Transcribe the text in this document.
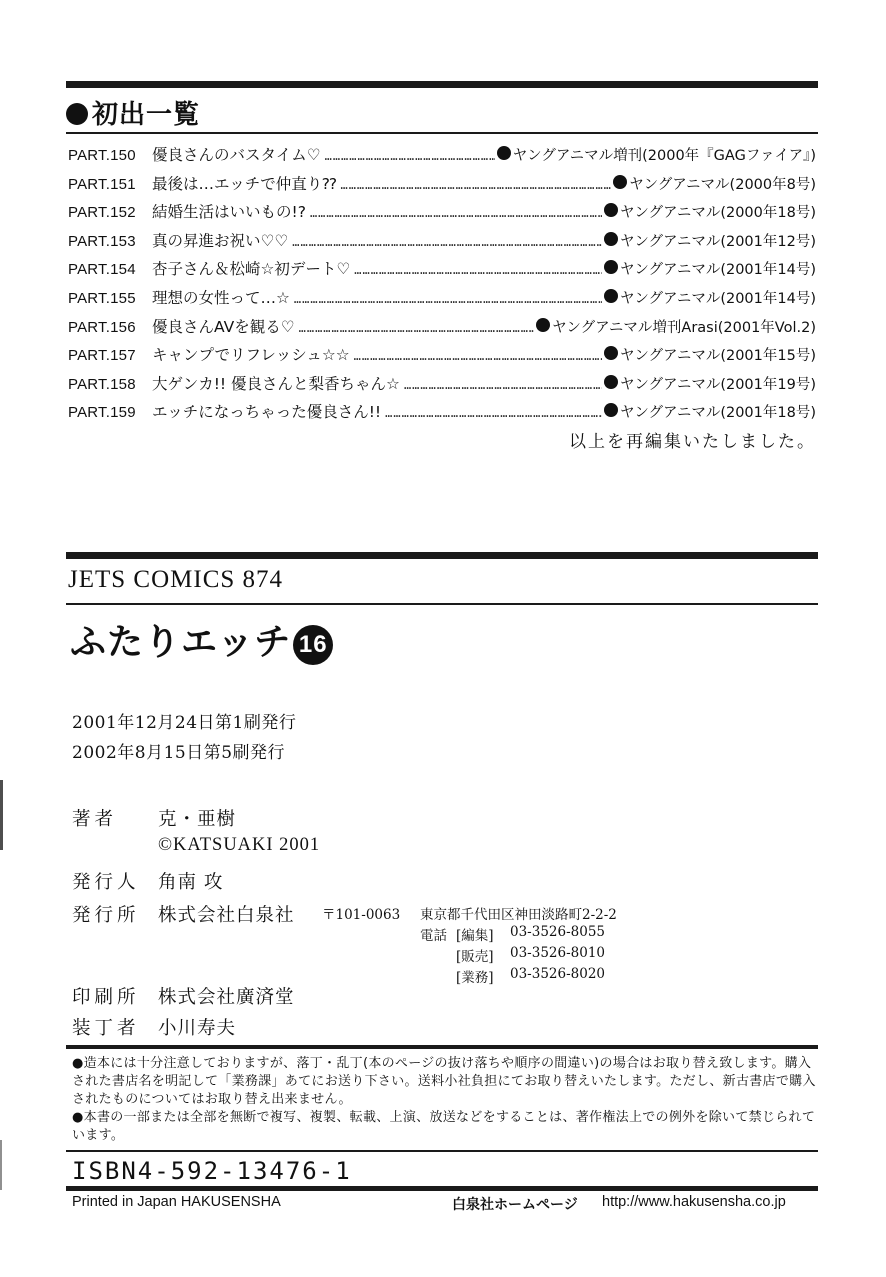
初出一覧
PART.150	優良さんのバスタイム♡ …………………………………………………………………………………………………………………………………………………………………	ヤングアニマル増刊(2000年『GAGファイア』)
PART.151	最後は…エッチで仲直り⁇ …………………………………………………………………………………………………………………………………………………………………	ヤングアニマル(2000年8号)
PART.152	結婚生活はいいもの!? …………………………………………………………………………………………………………………………………………………………………	ヤングアニマル(2000年18号)
PART.153	真の昇進お祝い♡♡ …………………………………………………………………………………………………………………………………………………………………	ヤングアニマル(2001年12号)
PART.154	杏子さん＆松崎☆初デート♡ …………………………………………………………………………………………………………………………………………………………………	ヤングアニマル(2001年14号)
PART.155	理想の女性って…☆ …………………………………………………………………………………………………………………………………………………………………	ヤングアニマル(2001年14号)
PART.156	優良さんAVを観る♡ …………………………………………………………………………………………………………………………………………………………………	ヤングアニマル増刊Arasi(2001年Vol.2)
PART.157	キャンプでリフレッシュ☆☆ …………………………………………………………………………………………………………………………………………………………………	ヤングアニマル(2001年15号)
PART.158	大ゲンカ!! 優良さんと梨香ちゃん☆ …………………………………………………………………………………………………………………………………………………………………	ヤングアニマル(2001年19号)
PART.159	エッチになっちゃった優良さん!! …………………………………………………………………………………………………………………………………………………………………	ヤングアニマル(2001年18号)
以上を再編集いたしました。
JETS COMICS 874
ふたりエッチ 16
2001年12月24日第1刷発行
2002年8月15日第5刷発行
著者 克・亜樹
©KATSUAKI 2001
発行人 角南 攻
発行所 株式会社白泉社 〒101-0063 東京都千代田区神田淡路町2-2-2
電話 [編集] 03-3526-8055
[販売] 03-3526-8010
[業務] 03-3526-8020
印刷所 株式会社廣済堂
装丁者 小川寿夫

●造本には十分注意しておりますが、落丁・乱丁(本のページの抜け落ちや順序の間違い)の場合はお取り替え致します。購入された書店名を明記して「業務課」あてにお送り下さい。送料小社負担にてお取り替えいたします。ただし、新古書店で購入されたものについてはお取り替え出来ません。

●本書の一部または全部を無断で複写、複製、転載、上演、放送などをすることは、著作権法上での例外を除いて禁じられています。

ISBN4-592-13476-1
Printed in Japan HAKUSENSHA	白泉社ホームページ http://www.hakusensha.co.jp
